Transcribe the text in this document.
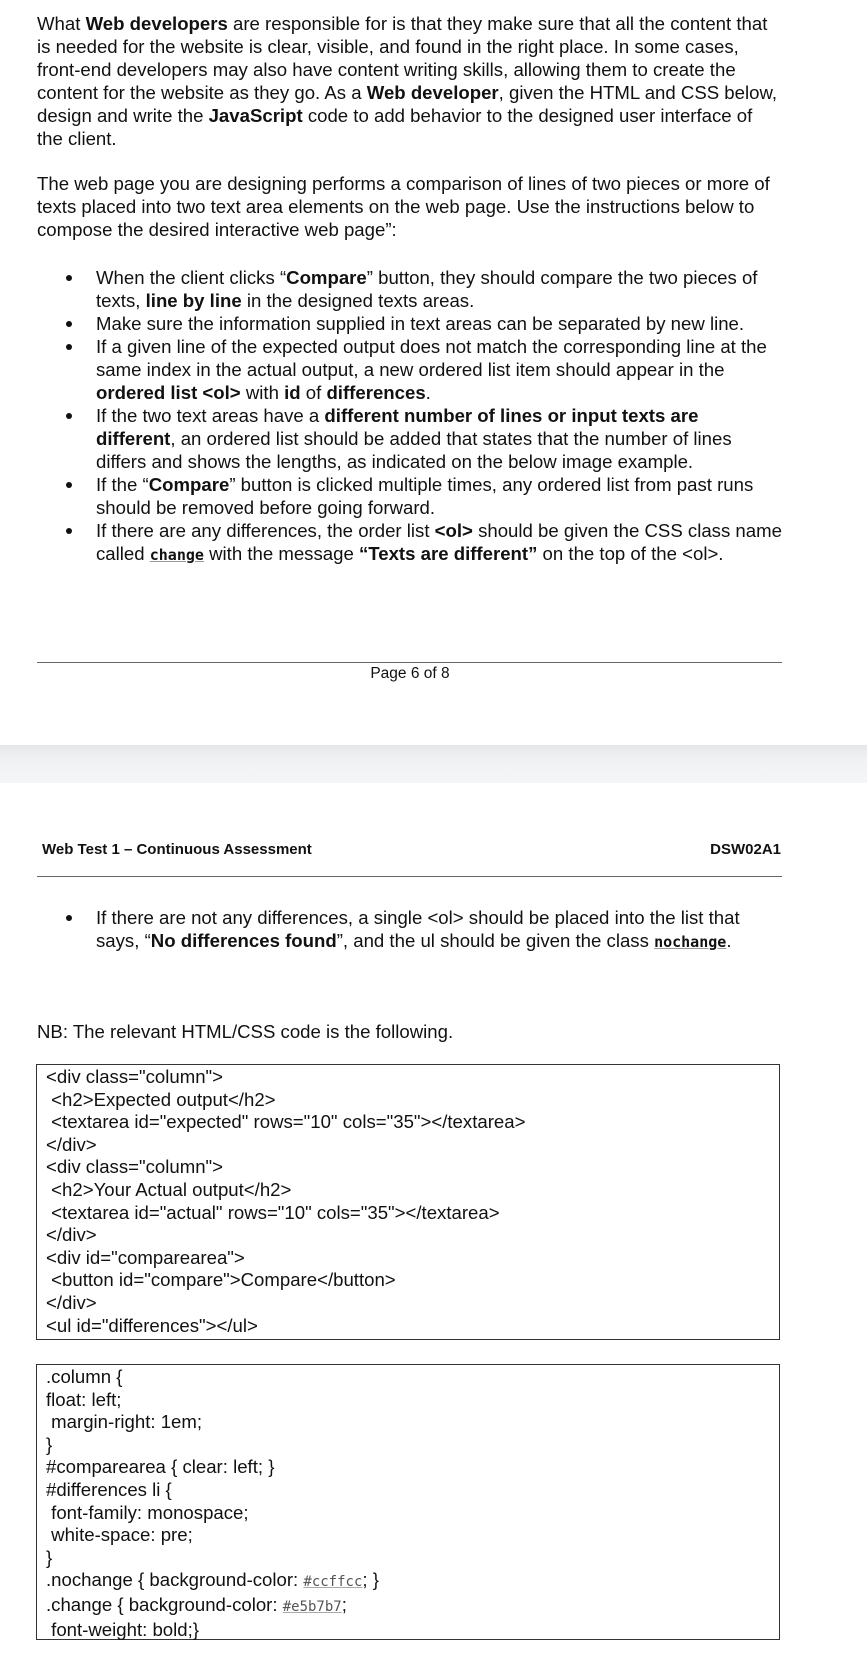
What Web developers are responsible for is that they make sure that all the content that is needed for the website is clear, visible, and found in the right place. In some cases, front-end developers may also have content writing skills, allowing them to create the content for the website as they go. As a Web developer, given the HTML and CSS below, design and write the JavaScript code to add behavior to the designed user interface of the client.

The web page you are designing performs a comparison of lines of two pieces or more of texts placed into two text area elements on the web page. Use the instructions below to compose the desired interactive web page”:

When the client clicks “Compare” button, they should compare the two pieces of texts, line by line in the designed texts areas.
Make sure the information supplied in text areas can be separated by new line.
If a given line of the expected output does not match the corresponding line at the same index in the actual output, a new ordered list item should appear in the ordered list <ol> with id of differences.
If the two text areas have a different number of lines or input texts are different, an ordered list should be added that states that the number of lines differs and shows the lengths, as indicated on the below image example.
If the “Compare” button is clicked multiple times, any ordered list from past runs should be removed before going forward.
If there are any differences, the order list <ol> should be given the CSS class name called change with the message “Texts are different” on the top of the <ol>.
Page 6 of 8
Web Test 1 – Continuous Assessment	DSW02A1
If there are not any differences, a single <ol> should be placed into the list that says, “No differences found”, and the ul should be given the class nochange.

NB: The relevant HTML/CSS code is the following.

<div class="column">
<h2>Expected output</h2>
<textarea id="expected" rows="10" cols="35"></textarea>
</div>
<div class="column">
<h2>Your Actual output</h2>
<textarea id="actual" rows="10" cols="35"></textarea>
</div>
<div id="comparearea">
<button id="compare">Compare</button>
</div>
<ul id="differences"></ul>
.column {
float: left;
margin-right: 1em;
}
#comparearea { clear: left; }
#differences li {
font-family: monospace;
white-space: pre;
}
.nochange { background-color: #ccffcc; }
.change { background-color: #e5b7b7;
font-weight: bold;}
